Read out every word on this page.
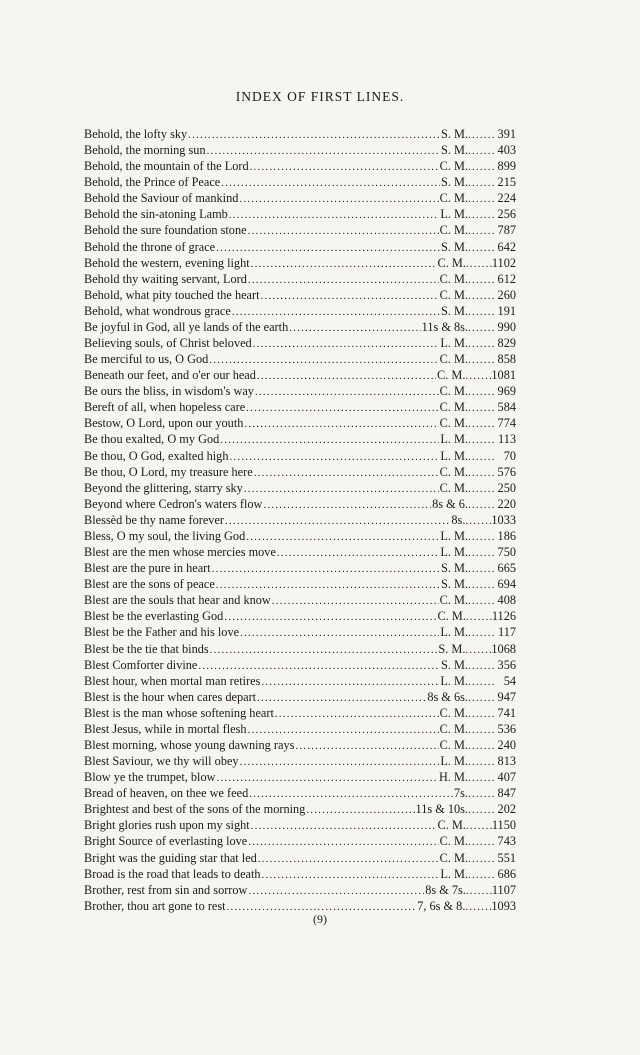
INDEX OF FIRST LINES.
Behold, the lofty sky .....	S. M. ..... 391
Behold, the morning sun .....	S. M. ..... 403
Behold, the mountain of the Lord .....	C. M. ..... 899
Behold, the Prince of Peace .....	S. M. ..... 215
Behold the Saviour of mankind .....	C. M. ..... 224
Behold the sin-atoning Lamb .....	L. M. ..... 256
Behold the sure foundation stone .....	C. M. ..... 787
Behold the throne of grace .....	S. M. ..... 642
Behold the western, evening light .....	C. M. ..... 1102
Behold thy waiting servant, Lord .....	C. M. ..... 612
Behold, what pity touched the heart .....	C. M. ..... 260
Behold, what wondrous grace .....	S. M. ..... 191
Be joyful in God, all ye lands of the earth .....	11s & 8s. ..... 990
Believing souls, of Christ beloved .....	L. M. ..... 829
Be merciful to us, O God .....	C. M. ..... 858
Beneath our feet, and o'er our head .....	C. M. ..... 1081
Be ours the bliss, in wisdom's way .....	C. M. ..... 969
Bereft of all, when hopeless care .....	C. M. ..... 584
Bestow, O Lord, upon our youth .....	C. M. ..... 774
Be thou exalted, O my God .....	L. M. .....	113
Be thou, O God, exalted high .....	L. M. .....	70
Be thou, O Lord, my treasure here .....	C. M. ..... 576
Beyond the glittering, starry sky .....	C. M. ..... 250
Beyond where Cedron's waters flow .....	8s & 6. ..... 220
Blessèd be thy name forever .....	8s. ..... 1033
Bless, O my soul, the living God .....	L. M. ..... 186
Blest are the men whose mercies move .....	L. M. ..... 750
Blest are the pure in heart .....	S. M. ..... 665
Blest are the sons of peace .....	S. M. ..... 694
Blest are the souls that hear and know .....	C. M. ..... 408
Blest be the everlasting God .....	C. M. ..... 1126
Blest be the Father and his love .....	L. M. .....	117
Blest be the tie that binds .....	S. M. ..... 1068
Blest Comforter divine .....	S. M. ..... 356
Blest hour, when mortal man retires .....	L. M. .....	54
Blest is the hour when cares depart .....	8s & 6s. ..... 947
Blest is the man whose softening heart .....	C. M. ..... 741
Blest Jesus, while in mortal flesh .....	C. M. ..... 536
Blest morning, whose young dawning rays .....	C. M. ..... 240
Blest Saviour, we thy will obey .....	L. M. ..... 813
Blow ye the trumpet, blow .....	H. M. ..... 407
Bread of heaven, on thee we feed .....	7s. ..... 847
Brightest and best of the sons of the morning .....	11s & 10s. ..... 202
Bright glories rush upon my sight .....	C. M. ..... 1150
Bright Source of everlasting love .....	C. M. ..... 743
Bright was the guiding star that led .....	C. M. ..... 551
Broad is the road that leads to death .....	L. M. ..... 686
Brother, rest from sin and sorrow .....	8s & 7s. ..... 1107
Brother, thou art gone to rest .....	7, 6s & 8. ..... 1093
(9)
